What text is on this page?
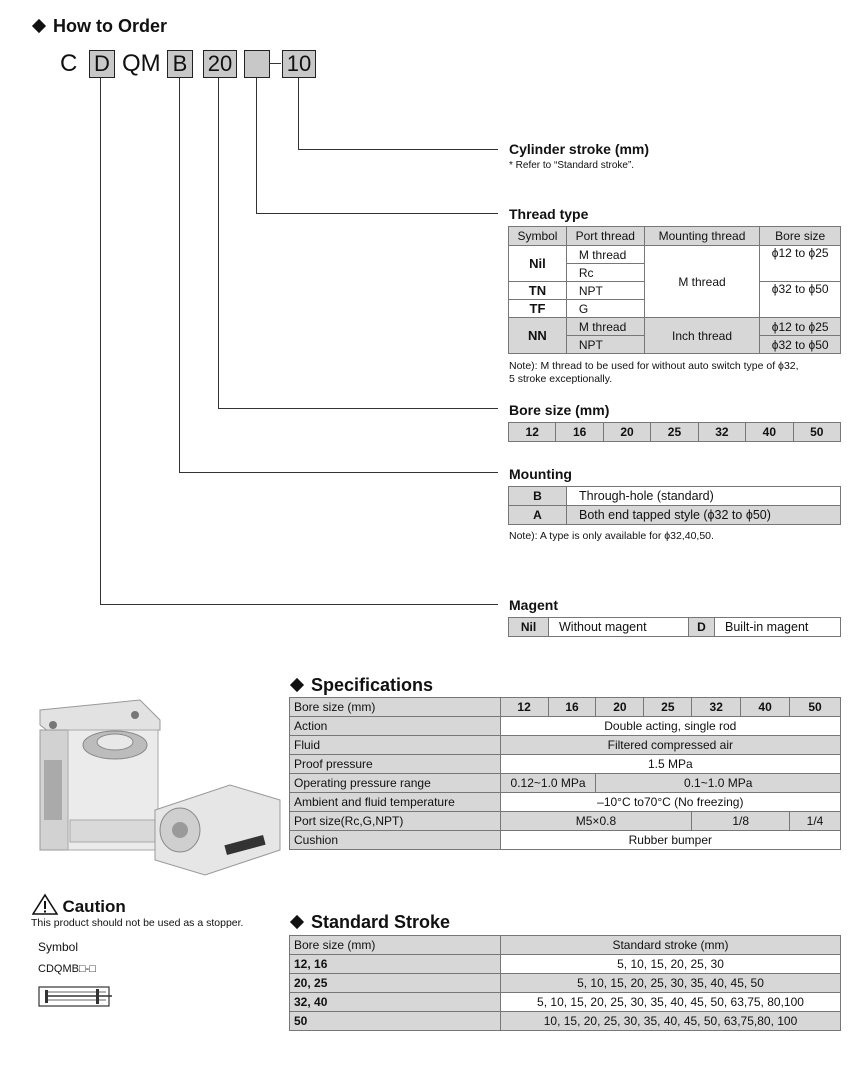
How to Order
C D QM B 20 10
Cylinder stroke (mm)
* Refer to “Standard stroke”.
Thread type
Symbol	Port thread	Mounting thread	Bore size
Nil	M thread	M thread	ϕ12 to ϕ25
	Rc		
TN	NPT		ϕ32 to ϕ50
TF	G		
NN	M thread	Inch thread	ϕ12 to ϕ25
	NPT		ϕ32 to ϕ50
Note): M thread to be used for without auto switch type of ϕ32,
5 stroke exceptionally.
Bore size (mm)
12	16	20	25	32	40	50
Mounting
B	Through-hole (standard)
A	Both end tapped style (ϕ32 to ϕ50)
Note): A type is only available for ϕ32,40,50.
Magent
Nil	Without magent	D	Built-in magent
Specifications
Bore size (mm)	12	16	20	25	32	40	50
Action	Double acting, single rod						
Fluid	Filtered compressed air						
Proof pressure	1.5 MPa						
Operating pressure range	0.12~1.0 MPa		0.1~1.0 MPa				
Ambient and fluid temperature	–10°C to70°C (No freezing)						
Port size(Rc,G,NPT)	M5×0.8				1/8		1/4
Cushion	Rubber bumper						
Caution
This product should not be used as a stopper.
Symbol
CDQMB□-□
Standard Stroke
Bore size (mm)	Standard stroke (mm)
12, 16	5, 10, 15, 20, 25, 30
20, 25	5, 10, 15, 20, 25, 30, 35, 40, 45, 50
32, 40	5, 10, 15, 20, 25, 30, 35, 40, 45, 50, 63,75, 80,100
50	10, 15, 20, 25, 30, 35, 40, 45, 50, 63,75,80, 100
